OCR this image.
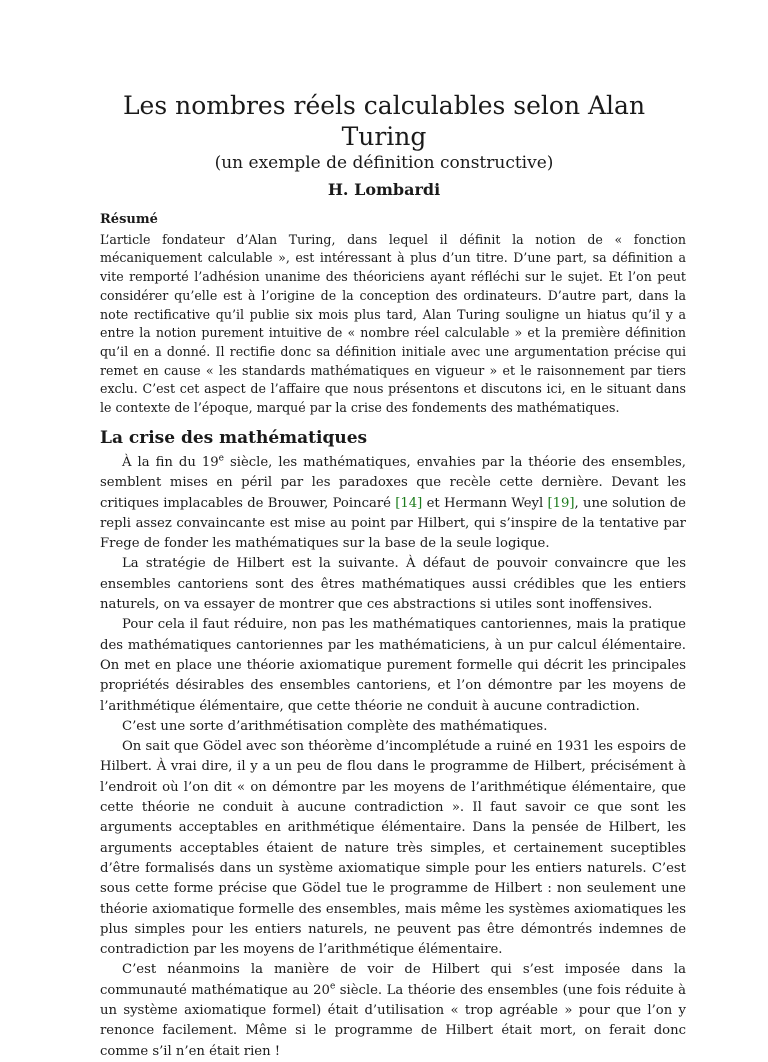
Les nombres réels calculables selon Alan Turing
(un exemple de définition constructive)
H. Lombardi
Résumé

L’article fondateur d’Alan Turing, dans lequel il définit la notion de « fonction mécaniquement calculable », est intéressant à plus d’un titre. D’une part, sa définition a vite remporté l’adhésion unanime des théoriciens ayant réfléchi sur le sujet. Et l’on peut considérer qu’elle est à l’origine de la conception des ordinateurs. D’autre part, dans la note rectificative qu’il publie six mois plus tard, Alan Turing souligne un hiatus qu’il y a entre la notion purement intuitive de « nombre réel calculable » et la première définition qu’il en a donné. Il rectifie donc sa définition initiale avec une argumentation précise qui remet en cause « les standards mathématiques en vigueur » et le raisonnement par tiers exclu. C’est cet aspect de l’affaire que nous présentons et discutons ici, en le situant dans le contexte de l’époque, marqué par la crise des fondements des mathématiques.

La crise des mathématiques

À la fin du 19e siècle, les mathématiques, envahies par la théorie des ensembles, semblent mises en péril par les paradoxes que recèle cette dernière. Devant les critiques implacables de Brouwer, Poincaré [14] et Hermann Weyl [19], une solution de repli assez convaincante est mise au point par Hilbert, qui s’inspire de la tentative par Frege de fonder les mathématiques sur la base de la seule logique.

La stratégie de Hilbert est la suivante. À défaut de pouvoir convaincre que les ensembles cantoriens sont des êtres mathématiques aussi crédibles que les entiers naturels, on va essayer de montrer que ces abstractions si utiles sont inoffensives.

Pour cela il faut réduire, non pas les mathématiques cantoriennes, mais la pratique des mathématiques cantoriennes par les mathématiciens, à un pur calcul élémentaire. On met en place une théorie axiomatique purement formelle qui décrit les principales propriétés désirables des ensembles cantoriens, et l’on démontre par les moyens de l’arithmétique élémentaire, que cette théorie ne conduit à aucune contradiction.

C’est une sorte d’arithmétisation complète des mathématiques.

On sait que Gödel avec son théorème d’incomplétude a ruiné en 1931 les espoirs de Hilbert. À vrai dire, il y a un peu de flou dans le programme de Hilbert, précisément à l’endroit où l’on dit « on démontre par les moyens de l’arithmétique élémentaire, que cette théorie ne conduit à aucune contradiction ». Il faut savoir ce que sont les arguments acceptables en arithmétique élémentaire. Dans la pensée de Hilbert, les arguments acceptables étaient de nature très simples, et certainement suceptibles d’être formalisés dans un système axiomatique simple pour les entiers naturels. C’est sous cette forme précise que Gödel tue le programme de Hilbert : non seulement une théorie axiomatique formelle des ensembles, mais même les systèmes axiomatiques les plus simples pour les entiers naturels, ne peuvent pas être démontrés indemnes de contradiction par les moyens de l’arithmétique élémentaire.

C’est néanmoins la manière de voir de Hilbert qui s’est imposée dans la communauté mathématique au 20e siècle. La théorie des ensembles (une fois réduite à un système axiomatique formel) était d’utilisation « trop agréable » pour que l’on y renonce facilement. Même si le programme de Hilbert était mort, on ferait donc comme s’il n’en était rien !
